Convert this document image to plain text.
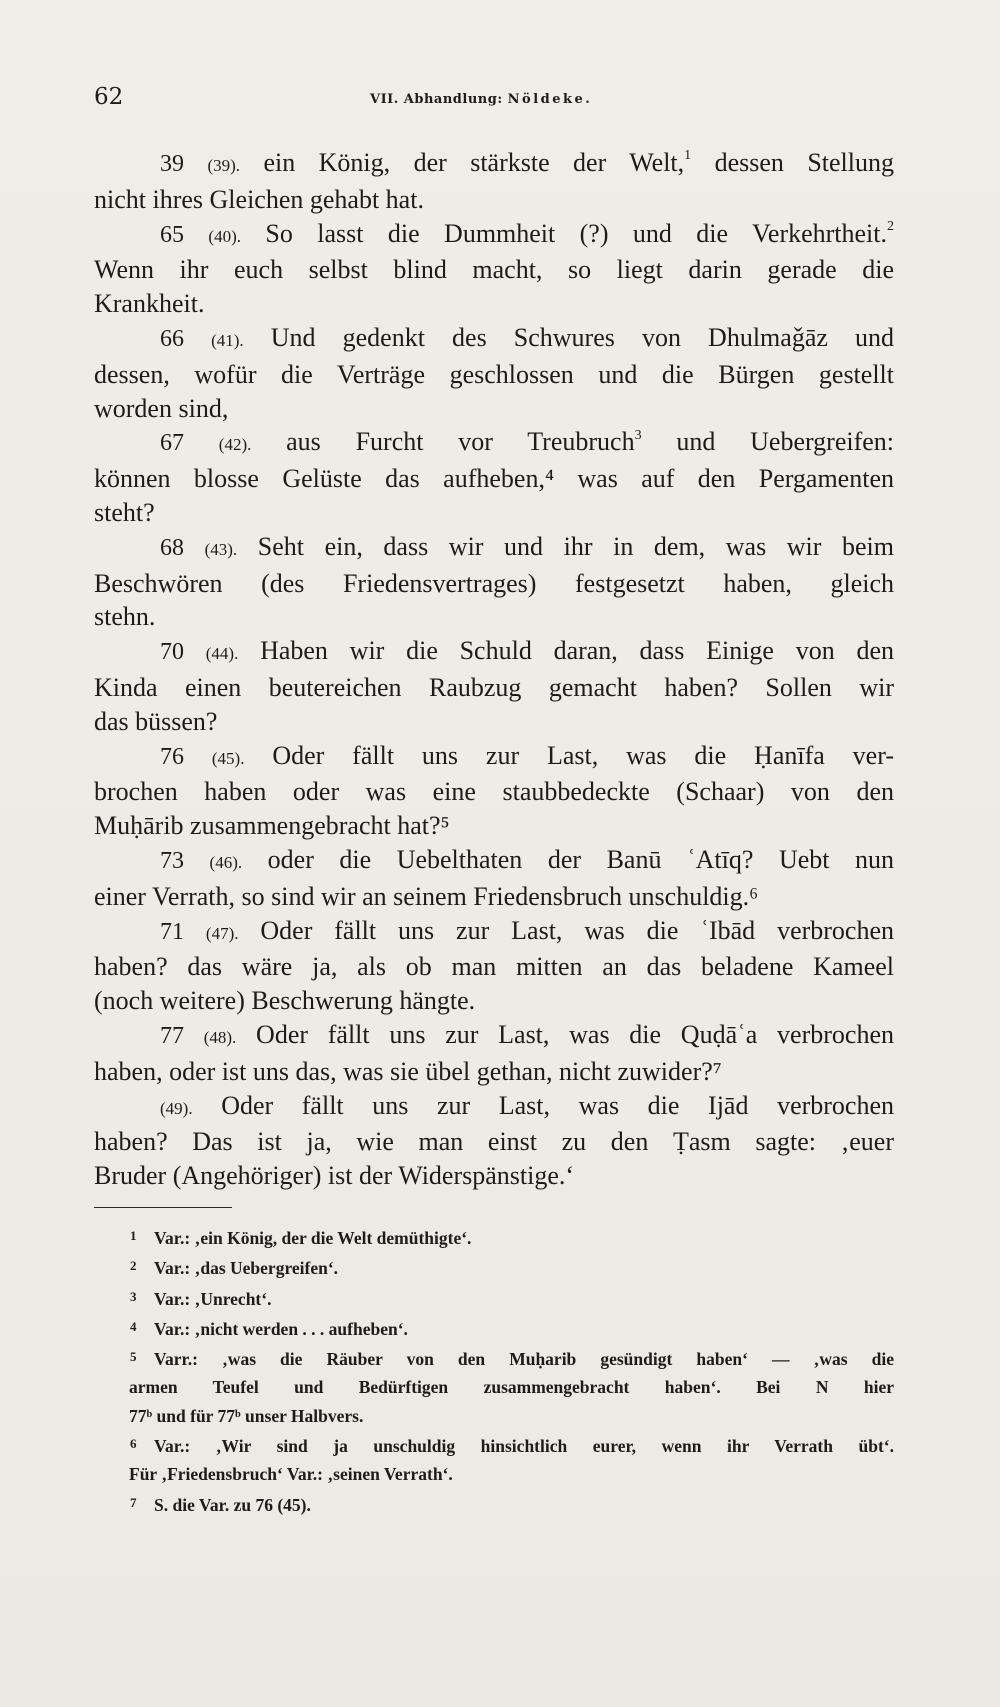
62	VII. Abhandlung: Nöldeke.

39 (39). ein König, der stärkste der Welt,$^1$ dessen Stellung

nicht ihres Gleichen gehabt hat.

65 (40). So lasst die Dummheit (?) und die Verkehrtheit.$^2$

Wenn ihr euch selbst blind macht, so liegt darin gerade die

Krankheit.

66 (41). Und gedenkt des Schwures von Dhulmaǧāz und

dessen, wofür die Verträge geschlossen und die Bürgen gestellt

worden sind,

67 (42). aus Furcht vor Treubruch$^3$ und Uebergreifen:

können blosse Gelüste das aufheben,⁴ was auf den Pergamenten

steht?

68 (43). Seht ein, dass wir und ihr in dem, was wir beim

Beschwören (des Friedensvertrages) festgesetzt haben, gleich

stehn.

70 (44). Haben wir die Schuld daran, dass Einige von den

Kinda einen beutereichen Raubzug gemacht haben? Sollen wir

das büssen?

76 (45). Oder fällt uns zur Last, was die Ḥanīfa ver-

brochen haben oder was eine staubbedeckte (Schaar) von den

Muḥārib zusammengebracht hat?⁵

73 (46). oder die Uebelthaten der Banū ʿAtīq? Uebt nun

einer Verrath, so sind wir an seinem Friedensbruch unschuldig.⁶

71 (47). Oder fällt uns zur Last, was die ʿIbād verbrochen

haben? das wäre ja, als ob man mitten an das beladene Kameel

(noch weitere) Beschwerung hängte.

77 (48). Oder fällt uns zur Last, was die Quḍāʿa verbrochen

haben, oder ist uns das, was sie übel gethan, nicht zuwider?⁷

(49). Oder fällt uns zur Last, was die Ijād verbrochen

haben? Das ist ja, wie man einst zu den Ṭasm sagte: ‚euer

Bruder (Angehöriger) ist der Widerspänstige.ʻ

1 Var.: ‚ein König, der die Welt demüthigteʻ.

2 Var.: ‚das Uebergreifenʻ.

3 Var.: ‚Unrechtʻ.

4 Var.: ‚nicht werden . . . aufhebenʻ.

5 Varr.: ‚was die Räuber von den Muḥarib gesündigt habenʻ — ‚was die

armen Teufel und Bedürftigen zusammengebracht habenʻ. Bei N hier

77ᵇ und für 77ᵇ unser Halbvers.

6 Var.: ‚Wir sind ja unschuldig hinsichtlich eurer, wenn ihr Verrath übtʻ.

Für ‚Friedensbruchʻ Var.: ‚seinen Verrathʻ.

7 S. die Var. zu 76 (45).
